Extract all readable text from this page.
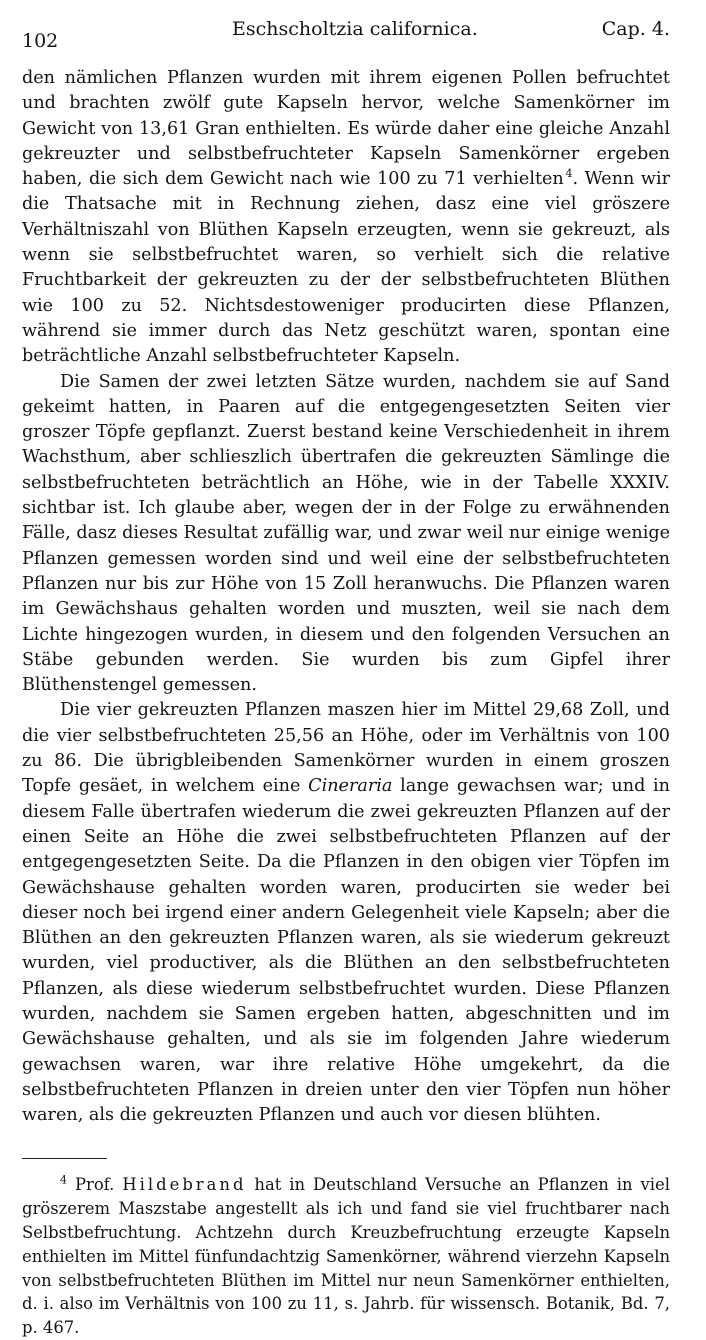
102
Eschscholtzia californica.	Cap. 4.

den nämlichen Pflanzen wurden mit ihrem eigenen Pollen befruchtet und brachten zwölf gute Kapseln hervor, welche Samenkörner im Gewicht von 13,61 Gran enthielten. Es würde daher eine gleiche Anzahl gekreuzter und selbstbefruchteter Kapseln Samenkörner ergeben haben, die sich dem Gewicht nach wie 100 zu 71 verhielten  $^4$. Wenn wir die Thatsache mit in Rechnung ziehen, dasz eine viel gröszere Verhältniszahl von Blüthen Kapseln erzeugten, wenn sie gekreuzt, als wenn sie selbstbefruchtet waren, so verhielt sich die relative Fruchtbarkeit der gekreuzten zu der der selbstbefruchteten Blüthen wie 100 zu 52. Nichtsdestoweniger producirten diese Pflanzen, während sie immer durch das Netz geschützt waren, spontan eine beträchtliche Anzahl selbstbefruchteter Kapseln.

Die Samen der zwei letzten Sätze wurden, nachdem sie auf Sand gekeimt hatten, in Paaren auf die entgegengesetzten Seiten vier groszer Töpfe gepflanzt. Zuerst bestand keine Verschiedenheit in ihrem Wachsthum, aber schlieszlich übertrafen die gekreuzten Sämlinge die selbstbefruchteten beträchtlich an Höhe, wie in der Tabelle XXXIV. sichtbar ist. Ich glaube aber, wegen der in der Folge zu erwähnenden Fälle, dasz dieses Resultat zufällig war, und zwar weil nur einige wenige Pflanzen gemessen worden sind und weil eine der selbstbefruchteten Pflanzen nur bis zur Höhe von 15 Zoll heranwuchs. Die Pflanzen waren im Gewächshaus gehalten worden und muszten, weil sie nach dem Lichte hingezogen wurden, in diesem und den folgenden Versuchen an Stäbe gebunden werden. Sie wurden bis zum Gipfel ihrer Blüthenstengel gemessen.

Die vier gekreuzten Pflanzen maszen hier im Mittel 29,68 Zoll, und die vier selbstbefruchteten 25,56 an Höhe, oder im Verhältnis von 100 zu 86. Die übrigbleibenden Samenkörner wurden in einem groszen Topfe gesäet, in welchem eine Cineraria lange gewachsen war; und in diesem Falle übertrafen wiederum die zwei gekreuzten Pflanzen auf der einen Seite an Höhe die zwei selbstbefruchteten Pflanzen auf der entgegengesetzten Seite. Da die Pflanzen in den obigen vier Töpfen im Gewächshause gehalten worden waren, producirten sie weder bei dieser noch bei irgend einer andern Gelegenheit viele Kapseln; aber die Blüthen an den gekreuzten Pflanzen waren, als sie wiederum gekreuzt wurden, viel productiver, als die Blüthen an den selbstbefruchteten Pflanzen, als diese wiederum selbstbefruchtet wurden. Diese Pflanzen wurden, nachdem sie Samen ergeben hatten, abgeschnitten und im Gewächshause gehalten, und als sie im folgenden Jahre wiederum gewachsen waren, war ihre relative Höhe umgekehrt, da die selbstbefruchteten Pflanzen in dreien unter den vier Töpfen nun höher waren, als die gekreuzten Pflanzen und auch vor diesen blühten.

$^4$ Prof. Hildebrand hat in Deutschland Versuche an Pflanzen in viel gröszerem Maszstabe angestellt als ich und fand sie viel fruchtbarer nach Selbstbefruchtung. Achtzehn durch Kreuzbefruchtung erzeugte Kapseln enthielten im Mittel fünfundachtzig Samenkörner, während vierzehn Kapseln von selbstbefruchteten Blüthen im Mittel nur neun Samenkörner enthielten, d. i. also im Verhältnis von 100 zu 11, s. Jahrb. für wissensch. Botanik, Bd. 7, p. 467.
